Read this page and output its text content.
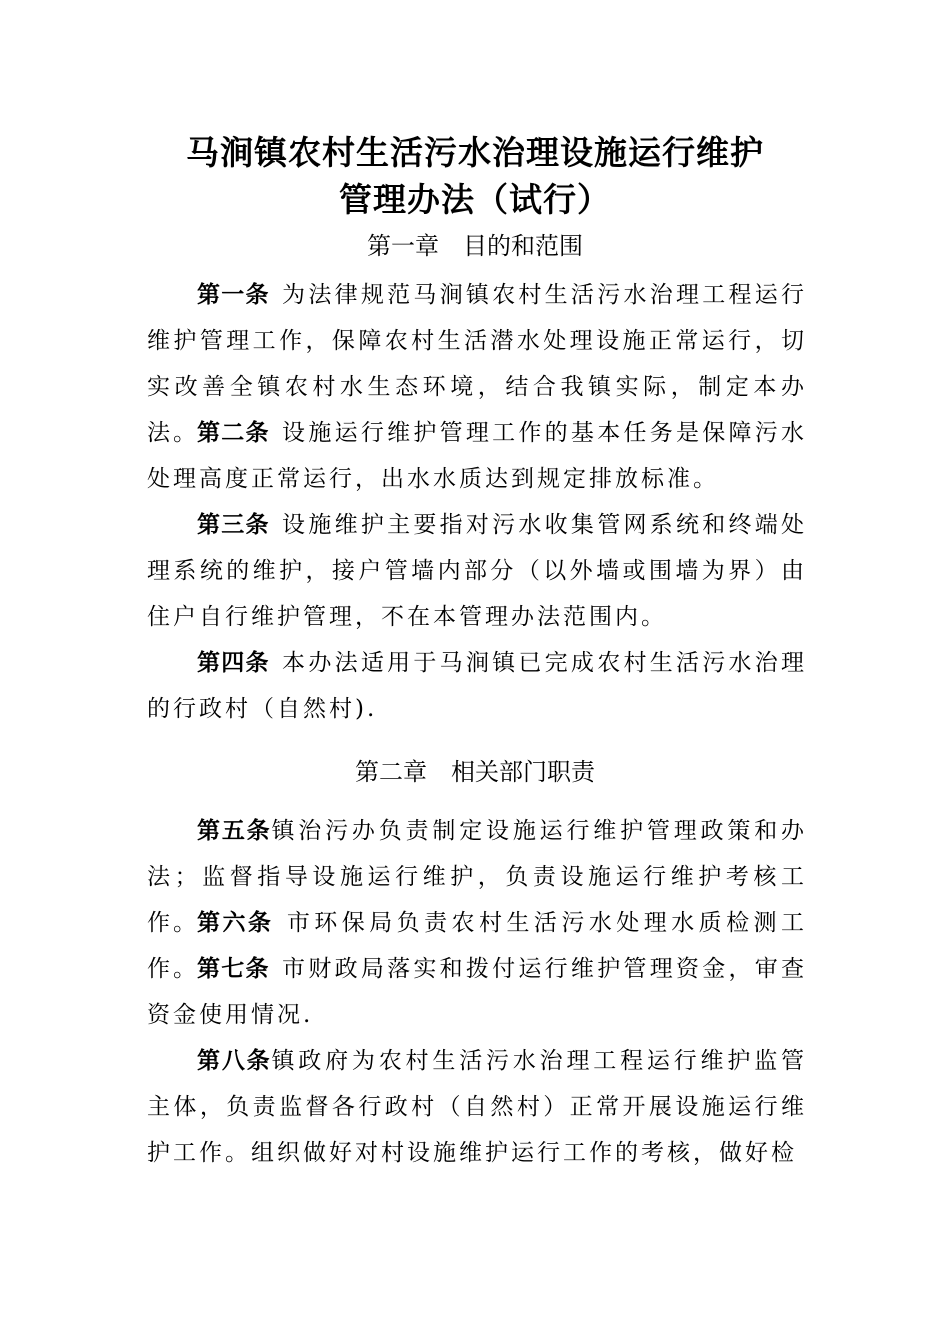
马涧镇农村生活污水治理设施运行维护
管理办法（试行）
第一章　目的和范围
第一条 为法律规范马涧镇农村生活污水治理工程运行维护管理工作，保障农村生活潜水处理设施正常运行，切实改善全镇农村水生态环境，结合我镇实际，制定本办法。
第二条 设施运行维护管理工作的基本任务是保障污水处理高度正常运行，出水水质达到规定排放标准。
第三条 设施维护主要指对污水收集管网系统和终端处理系统的维护，接户管墙内部分（以外墙或围墙为界）由住户自行维护管理，不在本管理办法范围内。
第四条 本办法适用于马涧镇已完成农村生活污水治理的行政村（自然村).
第二章　相关部门职责
第五条镇治污办负责制定设施运行维护管理政策和办法；监督指导设施运行维护，负责设施运行维护考核工作。
第六条 市环保局负责农村生活污水处理水质检测工作。
第七条 市财政局落实和拨付运行维护管理资金，审查资金使用情况.
第八条镇政府为农村生活污水治理工程运行维护监管主体，负责监督各行政村（自然村）正常开展设施运行维护工作。组织做好对村设施维护运行工作的考核，做好检
